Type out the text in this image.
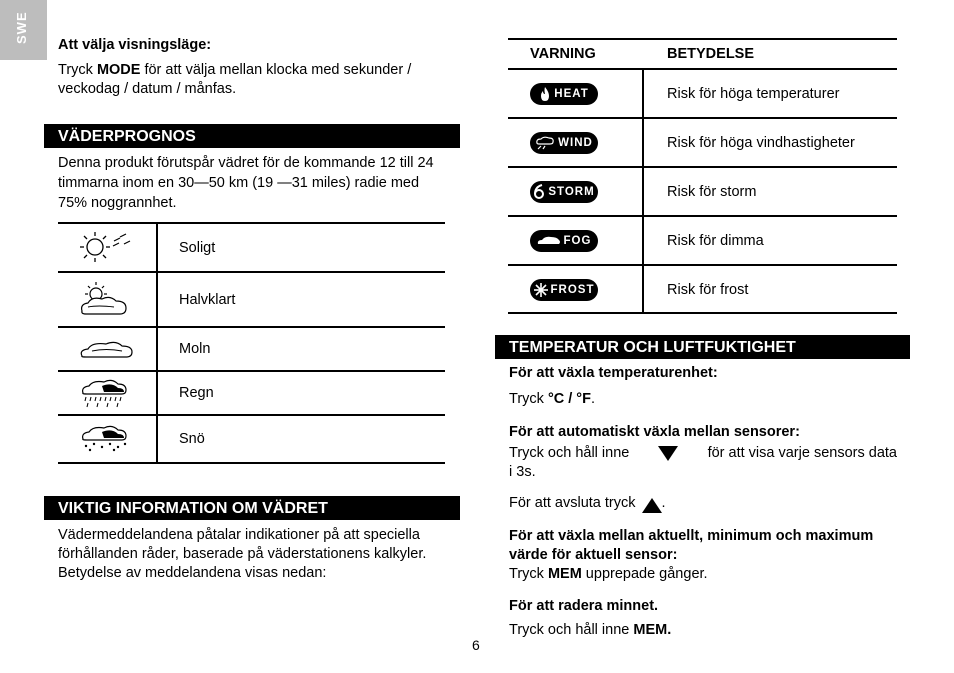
SWE
Att välja visningsläge:
Tryck MODE för att välja mellan klocka med sekunder / veckodag / datum / månfas.
VÄDERPROGNOS
Denna produkt förutspår vädret för de kommande 12 till 24 timmarna inom en 30—50 km (19 —31 miles) radie med 75% noggrannhet.
Soligt
Halvklart
Moln
Regn
Snö
VIKTIG INFORMATION OM VÄDRET
Vädermeddelandena påtalar indikationer på att speciella förhållanden råder, baserade på väderstationens kalkyler. Betydelse av meddelandena visas nedan:
VARNING	BETYDELSE
HEAT	Risk för höga temperaturer
WIND	Risk för höga vindhastigheter
STORM	Risk för storm
FOG	Risk för dimma
FROST	Risk för frost
TEMPERATUR OCH LUFTFUKTIGHET
För att växla temperaturenhet:
Tryck °C / °F.
För att automatiskt växla mellan sensorer:
Tryck och håll inne	för att visa varje sensors data
i 3s.
För att avsluta tryck .
För att växla mellan aktuellt, minimum och maximum värde för aktuell sensor:
Tryck MEM upprepade gånger.
För att radera minnet.
Tryck och håll inne MEM.
6
